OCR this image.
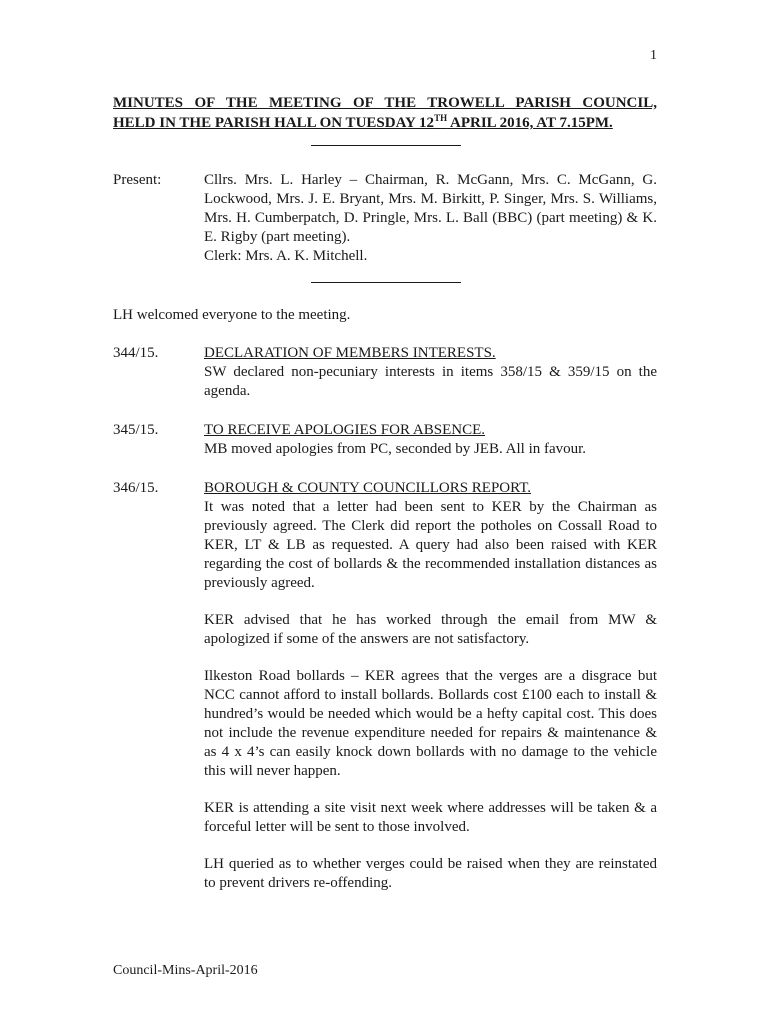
1
MINUTES OF THE MEETING OF THE TROWELL PARISH COUNCIL,
HELD IN THE PARISH HALL ON TUESDAY 12TH APRIL 2016, AT 7.15PM.
Present:	Cllrs. Mrs. L. Harley – Chairman, R. McGann, Mrs. C. McGann, G. Lockwood, Mrs. J. E. Bryant, Mrs. M. Birkitt, P. Singer, Mrs. S. Williams, Mrs. H. Cumberpatch, D. Pringle, Mrs. L. Ball (BBC) (part meeting) & K. E. Rigby (part meeting).
Clerk: Mrs. A. K. Mitchell.
LH welcomed everyone to the meeting.
344/15.	DECLARATION OF MEMBERS INTERESTS.
SW declared non-pecuniary interests in items 358/15 & 359/15 on the agenda.
345/15.	TO RECEIVE APOLOGIES FOR ABSENCE.
MB moved apologies from PC, seconded by JEB. All in favour.
346/15.	BOROUGH & COUNTY COUNCILLORS REPORT.
It was noted that a letter had been sent to KER by the Chairman as previously agreed. The Clerk did report the potholes on Cossall Road to KER, LT & LB as requested. A query had also been raised with KER regarding the cost of bollards & the recommended installation distances as previously agreed.
KER advised that he has worked through the email from MW & apologized if some of the answers are not satisfactory.
Ilkeston Road bollards – KER agrees that the verges are a disgrace but NCC cannot afford to install bollards. Bollards cost £100 each to install & hundred’s would be needed which would be a hefty capital cost. This does not include the revenue expenditure needed for repairs & maintenance & as 4 x 4’s can easily knock down bollards with no damage to the vehicle this will never happen.
KER is attending a site visit next week where addresses will be taken & a forceful letter will be sent to those involved.
LH queried as to whether verges could be raised when they are reinstated to prevent drivers re-offending.
Council-Mins-April-2016
